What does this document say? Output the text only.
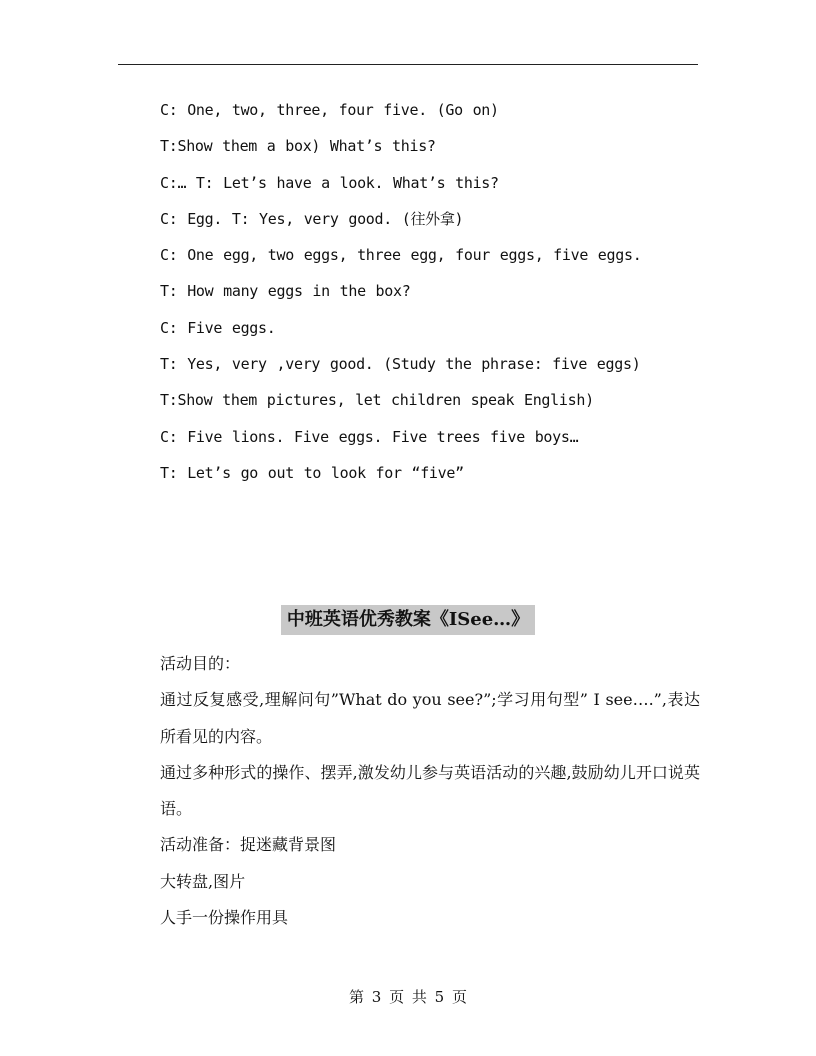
C: One, two, three, four five. (Go on)
T:Show them a box) What’s this?
C:… T: Let’s have a look. What’s this?
C: Egg. T: Yes, very good. (往外拿)
C: One egg, two eggs, three egg, four eggs, five eggs.
T: How many eggs in the box?
C: Five eggs.
T: Yes, very ,very good. (Study the phrase: five eggs)
T:Show them pictures, let children speak English)
C: Five lions. Five eggs. Five trees five boys…
T: Let’s go out to look for “five”
中班英语优秀教案《ISee…》
活动目的：
通过反复感受,理解问句”What do you see?”;学习用句型” I see….”,表达所看见的内容。
通过多种形式的操作、摆弄,激发幼儿参与英语活动的兴趣,鼓励幼儿开口说英语。
活动准备：捉迷藏背景图
大转盘,图片
人手一份操作用具
第 3 页 共 5 页
